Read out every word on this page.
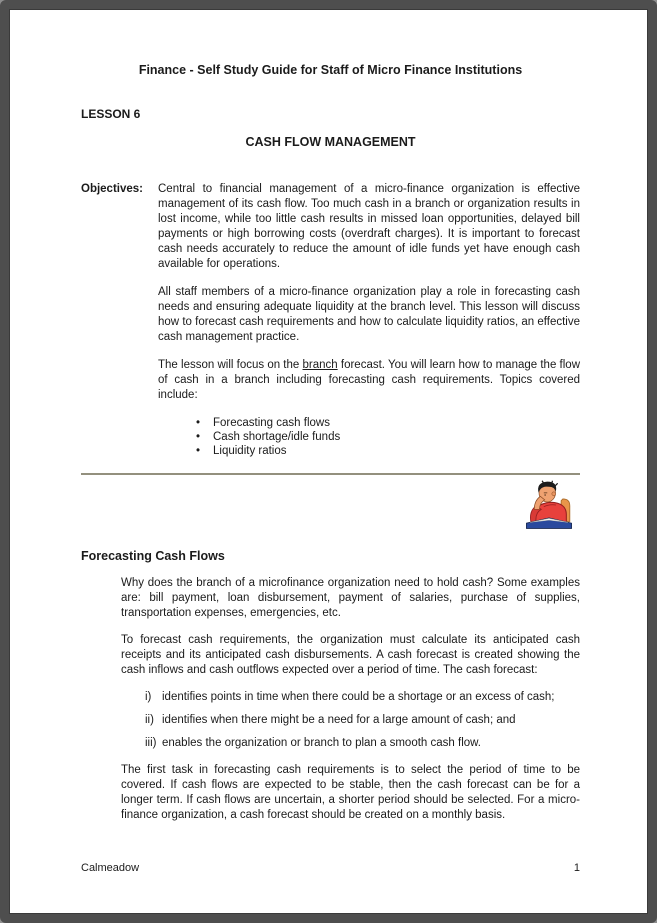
Finance - Self Study Guide for Staff of Micro Finance Institutions
LESSON 6
CASH FLOW MANAGEMENT
Objectives:	Central to financial management of a micro-finance organization is effective management of its cash flow. Too much cash in a branch or organization results in lost income, while too little cash results in missed loan opportunities, delayed bill payments or high borrowing costs (overdraft charges). It is important to forecast cash needs accurately to reduce the amount of idle funds yet have enough cash available for operations.

All staff members of a micro-finance organization play a role in forecasting cash needs and ensuring adequate liquidity at the branch level. This lesson will discuss how to forecast cash requirements and how to calculate liquidity ratios, an effective cash management practice.

The lesson will focus on the branch forecast. You will learn how to manage the flow of cash in a branch including forecasting cash requirements. Topics covered include:

• Forecasting cash flows
• Cash shortage/idle funds
• Liquidity ratios
Forecasting Cash Flows

Why does the branch of a microfinance organization need to hold cash? Some examples are: bill payment, loan disbursement, payment of salaries, purchase of supplies, transportation expenses, emergencies, etc.

To forecast cash requirements, the organization must calculate its anticipated cash receipts and its anticipated cash disbursements. A cash forecast is created showing the cash inflows and cash outflows expected over a period of time. The cash forecast:

i) identifies points in time when there could be a shortage or an excess of cash;
ii) identifies when there might be a need for a large amount of cash; and
iii) enables the organization or branch to plan a smooth cash flow.

The first task in forecasting cash requirements is to select the period of time to be covered. If cash flows are expected to be stable, then the cash forecast can be for a longer term. If cash flows are uncertain, a shorter period should be selected. For a micro-finance organization, a cash forecast should be created on a monthly basis.

Calmeadow	1
